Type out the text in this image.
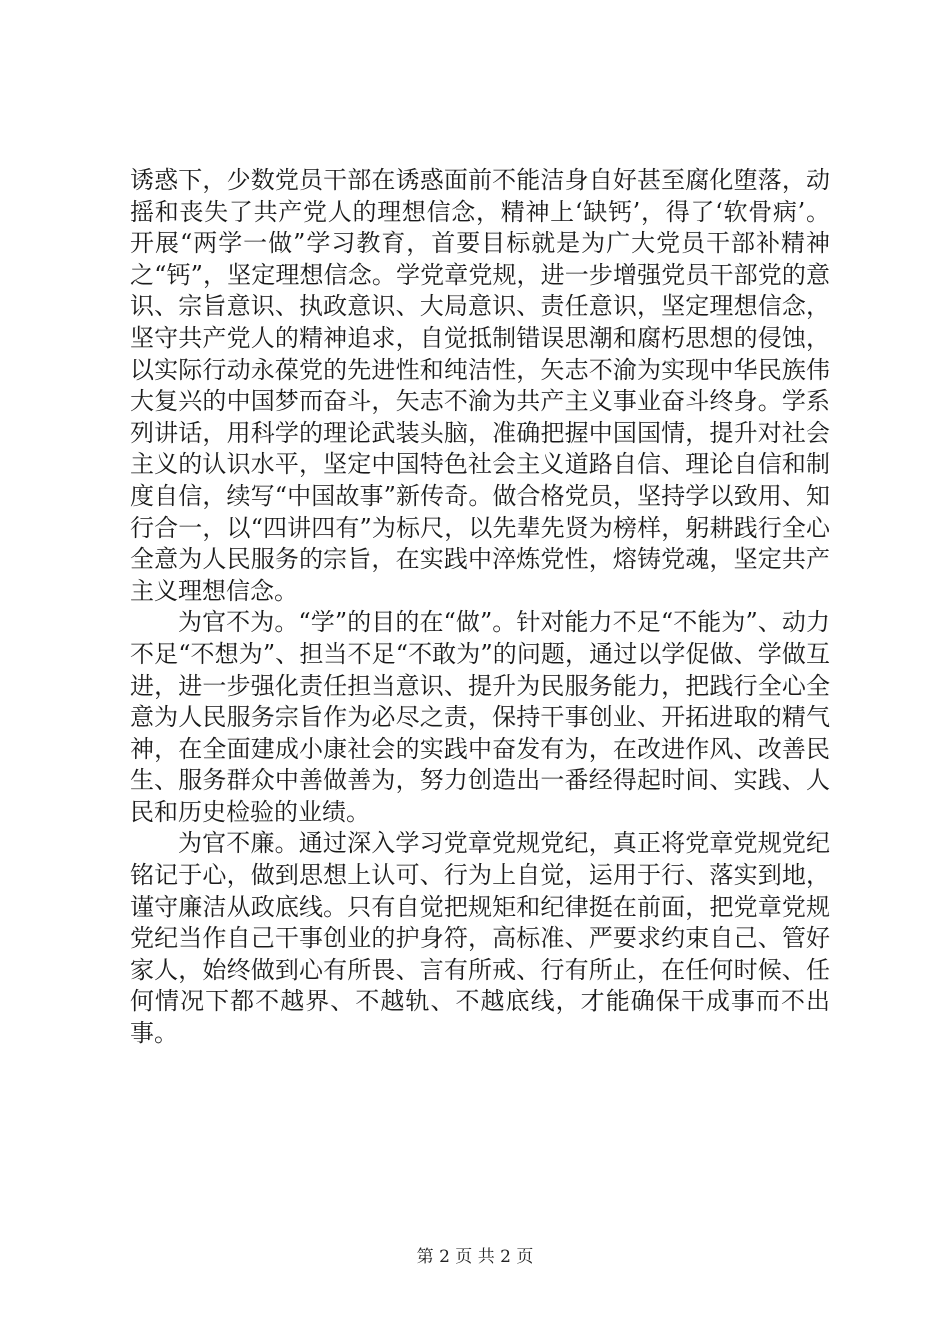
诱惑下，少数党员干部在诱惑面前不能洁身自好甚至腐化堕落，动摇和丧失了共产党人的理想信念，精神上‘缺钙’，得了‘软骨病’。开展“两学一做”学习教育，首要目标就是为广大党员干部补精神之“钙”，坚定理想信念。学党章党规，进一步增强党员干部党的意识、宗旨意识、执政意识、大局意识、责任意识，坚定理想信念，坚守共产党人的精神追求，自觉抵制错误思潮和腐朽思想的侵蚀，以实际行动永葆党的先进性和纯洁性，矢志不渝为实现中华民族伟大复兴的中国梦而奋斗，矢志不渝为共产主义事业奋斗终身。学系列讲话，用科学的理论武装头脑，准确把握中国国情，提升对社会主义的认识水平，坚定中国特色社会主义道路自信、理论自信和制度自信，续写“中国故事”新传奇。做合格党员，坚持学以致用、知行合一，以“四讲四有”为标尺，以先辈先贤为榜样，躬耕践行全心全意为人民服务的宗旨，在实践中淬炼党性，熔铸党魂，坚定共产主义理想信念。

为官不为。“学”的目的在“做”。针对能力不足“不能为”、动力不足“不想为”、担当不足“不敢为”的问题，通过以学促做、学做互进，进一步强化责任担当意识、提升为民服务能力，把践行全心全意为人民服务宗旨作为必尽之责，保持干事创业、开拓进取的精气神，在全面建成小康社会的实践中奋发有为，在改进作风、改善民生、服务群众中善做善为，努力创造出一番经得起时间、实践、人民和历史检验的业绩。

为官不廉。通过深入学习党章党规党纪，真正将党章党规党纪铭记于心，做到思想上认可、行为上自觉，运用于行、落实到地，谨守廉洁从政底线。只有自觉把规矩和纪律挺在前面，把党章党规党纪当作自己干事创业的护身符，高标准、严要求约束自己、管好家人，始终做到心有所畏、言有所戒、行有所止，在任何时候、任何情况下都不越界、不越轨、不越底线，才能确保干成事而不出事。

第 2 页 共 2 页
